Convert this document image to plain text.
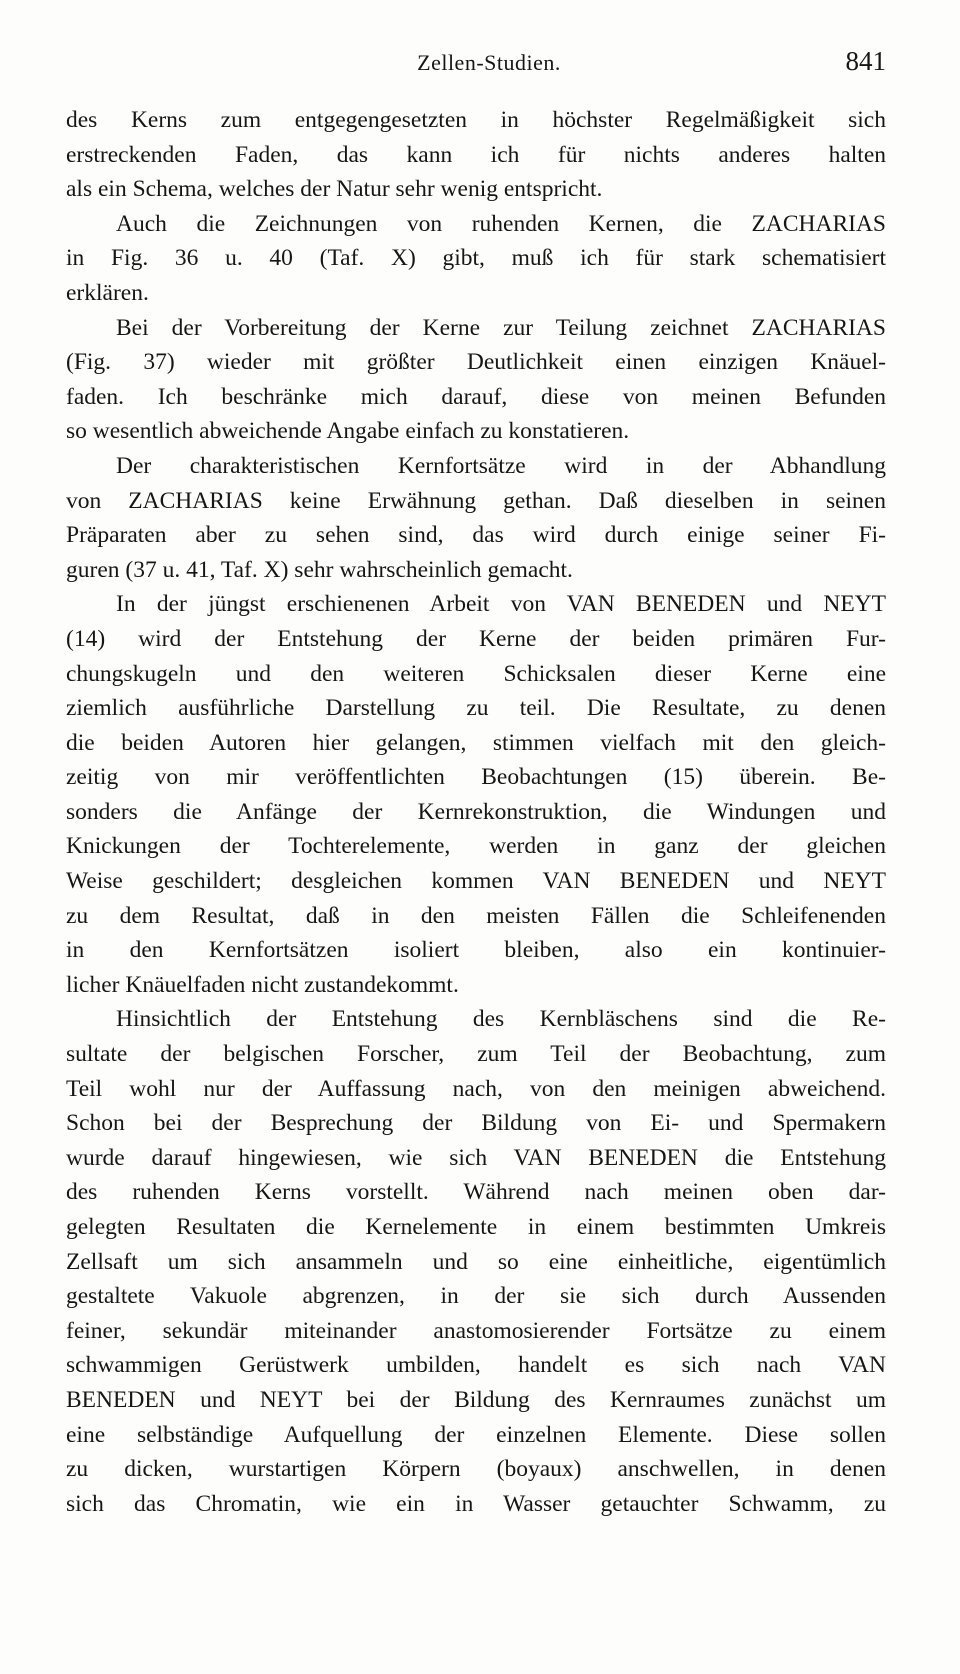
Zellen-Studien.	841
des Kerns zum entgegengesetzten in höchster Regelmäßigkeit sich
erstreckenden Faden, das kann ich für nichts anderes halten
als ein Schema, welches der Natur sehr wenig entspricht.
Auch die Zeichnungen von ruhenden Kernen, die ZACHARIAS
in Fig. 36 u. 40 (Taf. X) gibt, muß ich für stark schematisiert
erklären.
Bei der Vorbereitung der Kerne zur Teilung zeichnet ZACHARIAS
(Fig. 37) wieder mit größter Deutlichkeit einen einzigen Knäuel-
faden. Ich beschränke mich darauf, diese von meinen Befunden
so wesentlich abweichende Angabe einfach zu konstatieren.
Der charakteristischen Kernfortsätze wird in der Abhandlung
von ZACHARIAS keine Erwähnung gethan. Daß dieselben in seinen
Präparaten aber zu sehen sind, das wird durch einige seiner Fi-
guren (37 u. 41, Taf. X) sehr wahrscheinlich gemacht.
In der jüngst erschienenen Arbeit von VAN BENEDEN und NEYT
(14) wird der Entstehung der Kerne der beiden primären Fur-
chungskugeln und den weiteren Schicksalen dieser Kerne eine
ziemlich ausführliche Darstellung zu teil. Die Resultate, zu denen
die beiden Autoren hier gelangen, stimmen vielfach mit den gleich-
zeitig von mir veröffentlichten Beobachtungen (15) überein. Be-
sonders die Anfänge der Kernrekonstruktion, die Windungen und
Knickungen der Tochterelemente, werden in ganz der gleichen
Weise geschildert; desgleichen kommen VAN BENEDEN und NEYT
zu dem Resultat, daß in den meisten Fällen die Schleifenenden
in den Kernfortsätzen isoliert bleiben, also ein kontinuier-
licher Knäuelfaden nicht zustandekommt.
Hinsichtlich der Entstehung des Kernbläschens sind die Re-
sultate der belgischen Forscher, zum Teil der Beobachtung, zum
Teil wohl nur der Auffassung nach, von den meinigen abweichend.
Schon bei der Besprechung der Bildung von Ei- und Spermakern
wurde darauf hingewiesen, wie sich VAN BENEDEN die Entstehung
des ruhenden Kerns vorstellt. Während nach meinen oben dar-
gelegten Resultaten die Kernelemente in einem bestimmten Umkreis
Zellsaft um sich ansammeln und so eine einheitliche, eigentümlich
gestaltete Vakuole abgrenzen, in der sie sich durch Aussenden
feiner, sekundär miteinander anastomosierender Fortsätze zu einem
schwammigen Gerüstwerk umbilden, handelt es sich nach VAN
BENEDEN und NEYT bei der Bildung des Kernraumes zunächst um
eine selbständige Aufquellung der einzelnen Elemente. Diese sollen
zu dicken, wurstartigen Körpern (boyaux) anschwellen, in denen
sich das Chromatin, wie ein in Wasser getauchter Schwamm, zu
